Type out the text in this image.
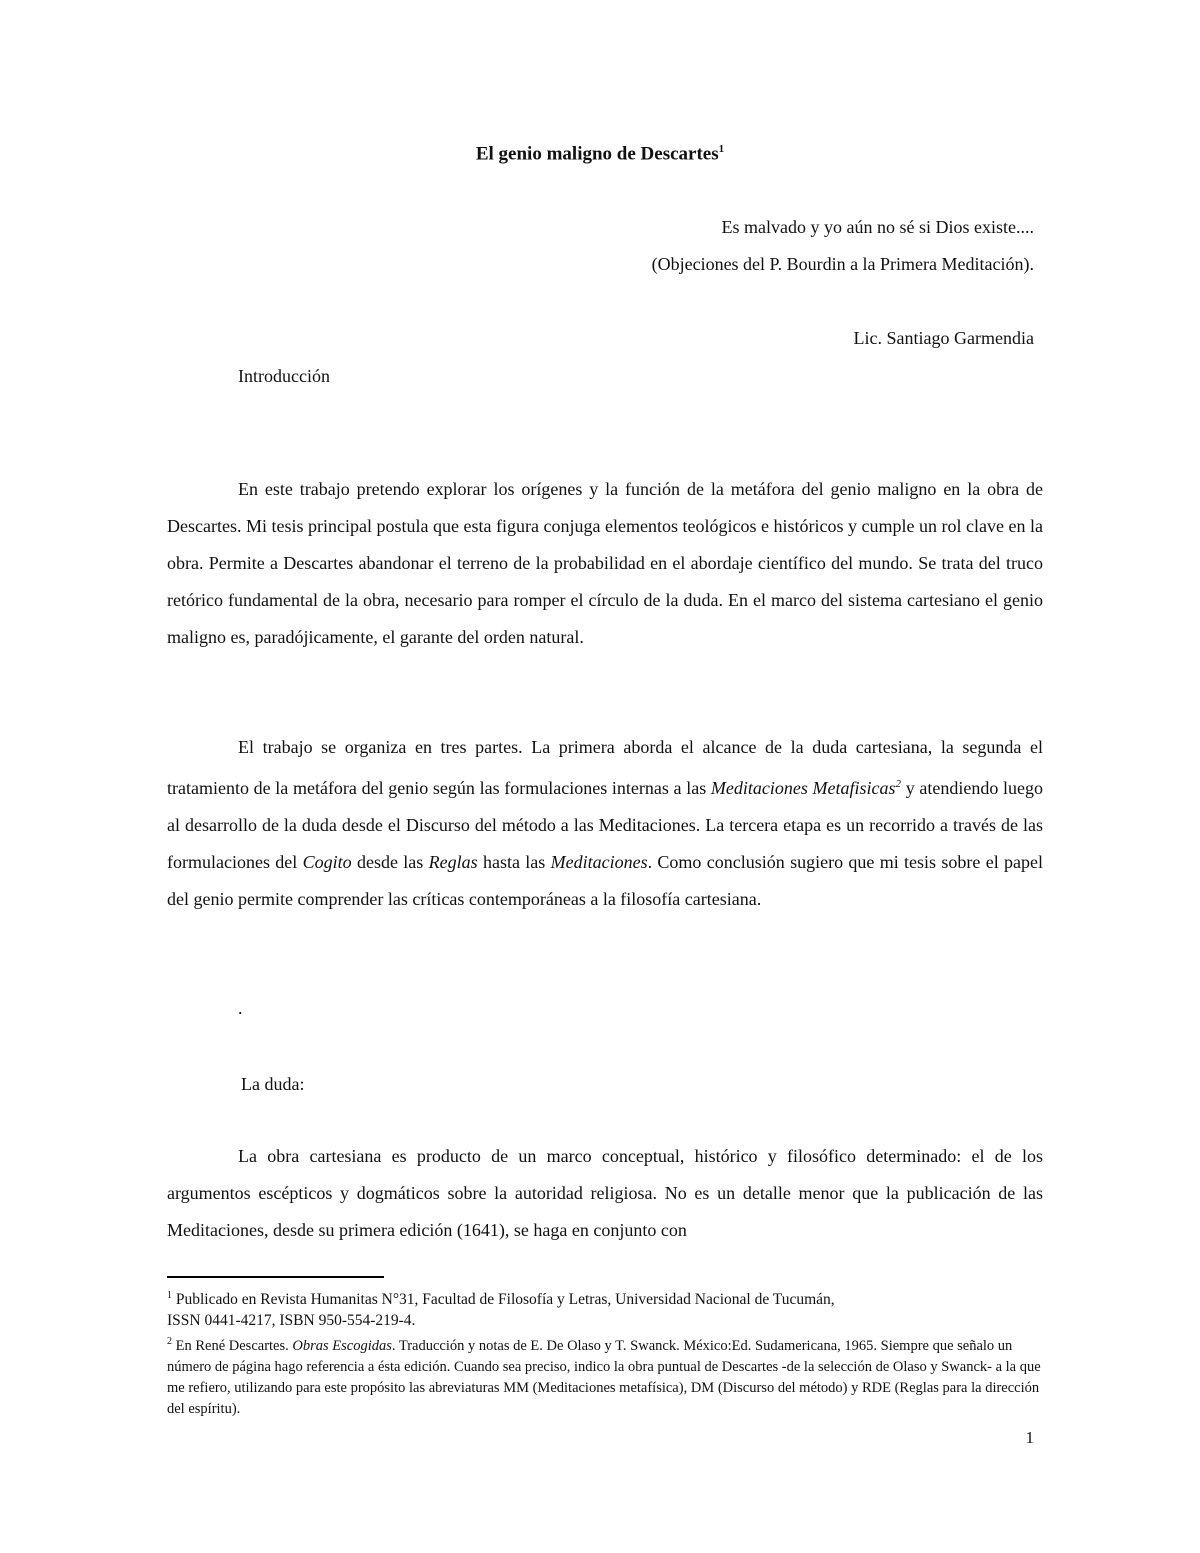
El genio maligno de Descartes$^1$
Es malvado y yo aún no sé si Dios existe....
(Objeciones del P. Bourdin a la Primera Meditación).
Lic. Santiago Garmendia
Introducción

En este trabajo pretendo explorar los orígenes y la función de la metáfora del genio maligno en la obra de Descartes. Mi tesis principal postula que esta figura conjuga elementos teológicos e históricos y cumple un rol clave en la obra. Permite a Descartes abandonar el terreno de la probabilidad en el abordaje científico del mundo. Se trata del truco retórico fundamental de la obra, necesario para romper el círculo de la duda. En el marco del sistema cartesiano el genio maligno es, paradójicamente, el garante del orden natural.

El trabajo se organiza en tres partes. La primera aborda el alcance de la duda cartesiana, la segunda el tratamiento de la metáfora del genio según las formulaciones internas a las Meditaciones Metafisicas$^2$ y atendiendo luego al desarrollo de la duda desde el Discurso del método a las Meditaciones. La tercera etapa es un recorrido a través de las formulaciones del Cogito desde las Reglas hasta las Meditaciones. Como conclusión sugiero que mi tesis sobre el papel del genio permite comprender las críticas contemporáneas a la filosofía cartesiana.

.
La duda:

La obra cartesiana es producto de un marco conceptual, histórico y filosófico determinado: el de los argumentos escépticos y dogmáticos sobre la autoridad religiosa. No es un detalle menor que la publicación de las Meditaciones, desde su primera edición (1641), se haga en conjunto con

$^1$ Publicado en Revista Humanitas N°31, Facultad de Filosofía y Letras, Universidad Nacional de Tucumán,

ISSN 0441-4217, ISBN 950-554-219-4.

$^2$ En René Descartes. Obras Escogidas. Traducción y notas de E. De Olaso y T. Swanck. México:Ed. Sudamericana, 1965. Siempre que señalo un número de página hago referencia a ésta edición. Cuando sea preciso, indico la obra puntual de Descartes -de la selección de Olaso y Swanck- a la que me refiero, utilizando para este propósito las abreviaturas MM (Meditaciones metafísica), DM (Discurso del método) y RDE (Reglas para la dirección del espíritu).

1
